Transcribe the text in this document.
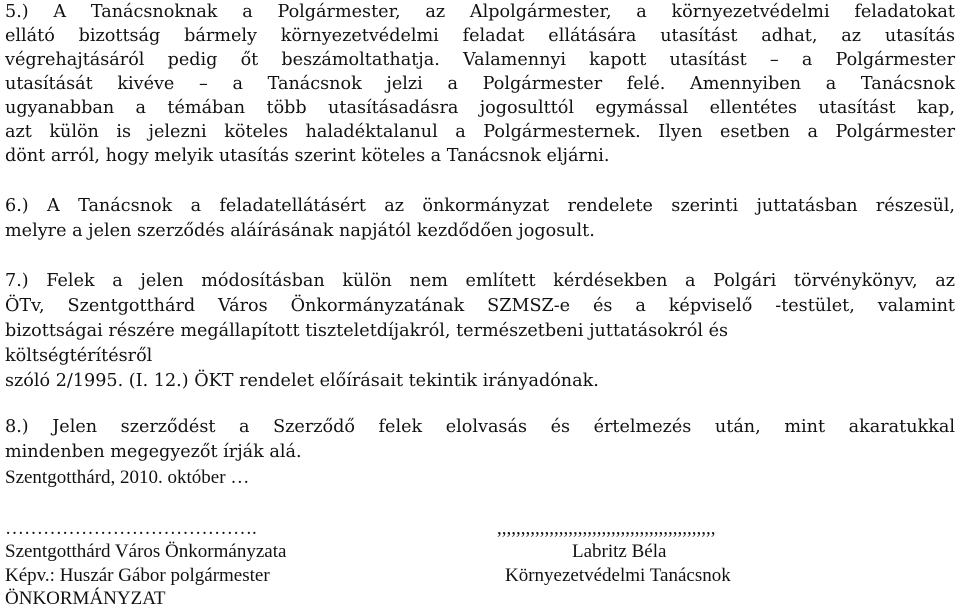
5.) A Tanácsnoknak a Polgármester, az Alpolgármester, a környezetvédelmi feladatokat
ellátó bizottság bármely környezetvédelmi feladat ellátására utasítást adhat, az utasítás
végrehajtásáról pedig őt beszámoltathatja. Valamennyi kapott utasítást – a Polgármester
utasítását kivéve – a Tanácsnok jelzi a Polgármester felé. Amennyiben a Tanácsnok
ugyanabban a témában több utasításadásra jogosulttól egymással ellentétes utasítást kap,
azt külön is jelezni köteles haladéktalanul a Polgármesternek. Ilyen esetben a Polgármester
dönt arról, hogy melyik utasítás szerint köteles a Tanácsnok eljárni.
6.) A Tanácsnok a feladatellátásért az önkormányzat rendelete szerinti juttatásban részesül,
melyre a jelen szerződés aláírásának napjától kezdődően jogosult.
7.) Felek a jelen módosításban külön nem említett kérdésekben a Polgári törvénykönyv, az
ÖTv, Szentgotthárd Város Önkormányzatának SZMSZ-e és a képviselő -testület, valamint
bizottságai részére megállapított tiszteletdíjakról, természetbeni juttatásokról és
költségtérítésről
szóló 2/1995. (I. 12.) ÖKT rendelet előírásait tekintik irányadónak.
8.) Jelen szerződést a Szerződő felek elolvasás és értelmezés után, mint akaratukkal
mindenben megegyezőt írják alá.
Szentgotthárd, 2010. október …
………………………………….
Szentgotthárd Város Önkormányzata
Képv.: Huszár Gábor polgármester
ÖNKORMÁNYZAT
,,,,,,,,,,,,,,,,,,,,,,,,,,,,,,,,,,,,,,,,,,,,,,
Labritz Béla
Környezetvédelmi Tanácsnok
